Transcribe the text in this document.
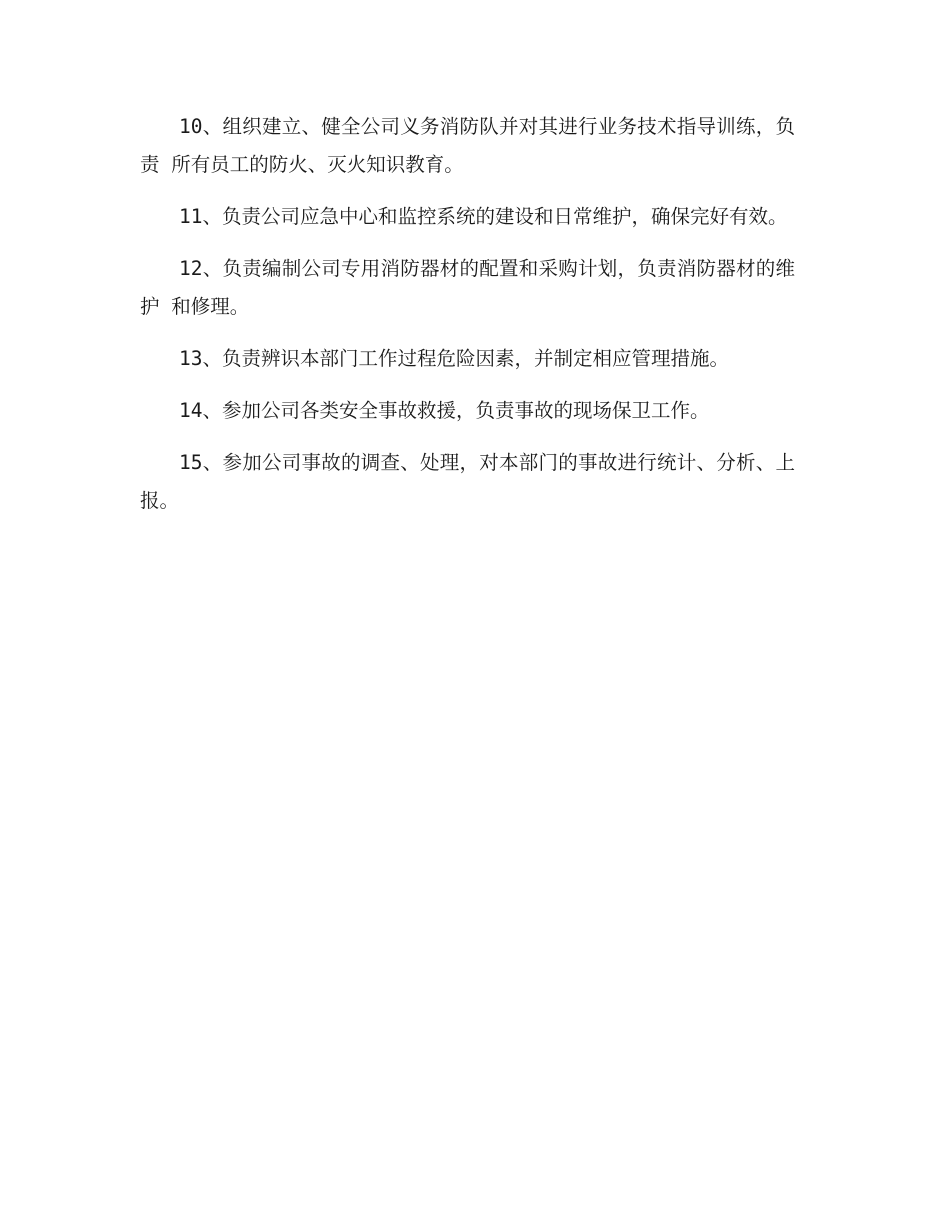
10、组织建立、健全公司义务消防队并对其进行业务技术指导训练，负责 所有员工的防火、灭火知识教育。

11、负责公司应急中心和监控系统的建设和日常维护，确保完好有效。

12、负责编制公司专用消防器材的配置和采购计划，负责消防器材的维护 和修理。

13、负责辨识本部门工作过程危险因素，并制定相应管理措施。

14、参加公司各类安全事故救援，负责事故的现场保卫工作。

15、参加公司事故的调查、处理，对本部门的事故进行统计、分析、上报。
